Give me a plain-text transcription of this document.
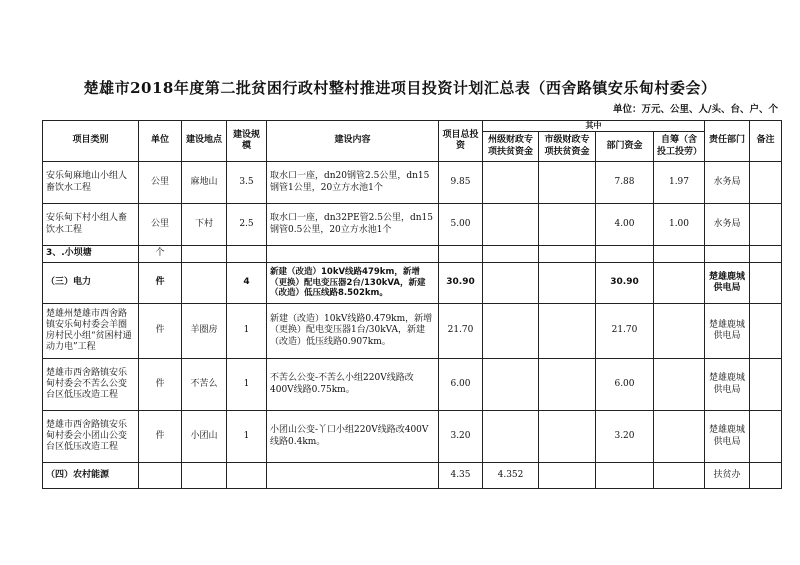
楚雄市2018年度第二批贫困行政村整村推进项目投资计划汇总表（西舍路镇安乐甸村委会）
单位：万元、公里、人/头、台、户、个
项目类别	单位	建设地点	建设规模	建设内容	项目总投资	其中				责任部门	备注
						州级财政专项扶贫资金	市级财政专项扶贫资金	部门资金	自筹（含投工投劳）		
安乐甸麻地山小组人畜饮水工程	公里	麻地山	3.5	取水口一座，dn20钢管2.5公里，dn15钢管1公里，20立方水池1个	9.85			7.88	1.97	水务局	
安乐甸下村小组人畜饮水工程	公里	下村	2.5	取水口一座，dn32PE管2.5公里，dn15钢管0.5公里，20立方水池1个	5.00			4.00	1.00	水务局	
3、.小坝塘	个										
（三）电力	件		4	新建（改造）10kV线路479km，新增（更换）配电变压器2台/130kVA，新建（改造）低压线路8.502km。	30.90			30.90		楚雄鹿城供电局	
楚雄州楚雄市西舍路镇安乐甸村委会羊圈房村民小组“贫困村通动力电”工程	件	羊圈房	1	新建（改造）10kV线路0.479km，新增（更换）配电变压器1台/30kVA，新建（改造）低压线路0.907km。	21.70			21.70		楚雄鹿城供电局	
楚雄市西舍路镇安乐甸村委会不苦么公变台区低压改造工程	件	不苦么	1	不苦么公变-不苦么小组220V线路改400V线路0.75km。	6.00			6.00		楚雄鹿城供电局	
楚雄市西舍路镇安乐甸村委会小团山公变台区低压改造工程	件	小团山	1	小团山公变-丫口小组220V线路改400V线路0.4km。	3.20			3.20		楚雄鹿城供电局	
（四）农村能源					4.35	4.352				扶贫办	
